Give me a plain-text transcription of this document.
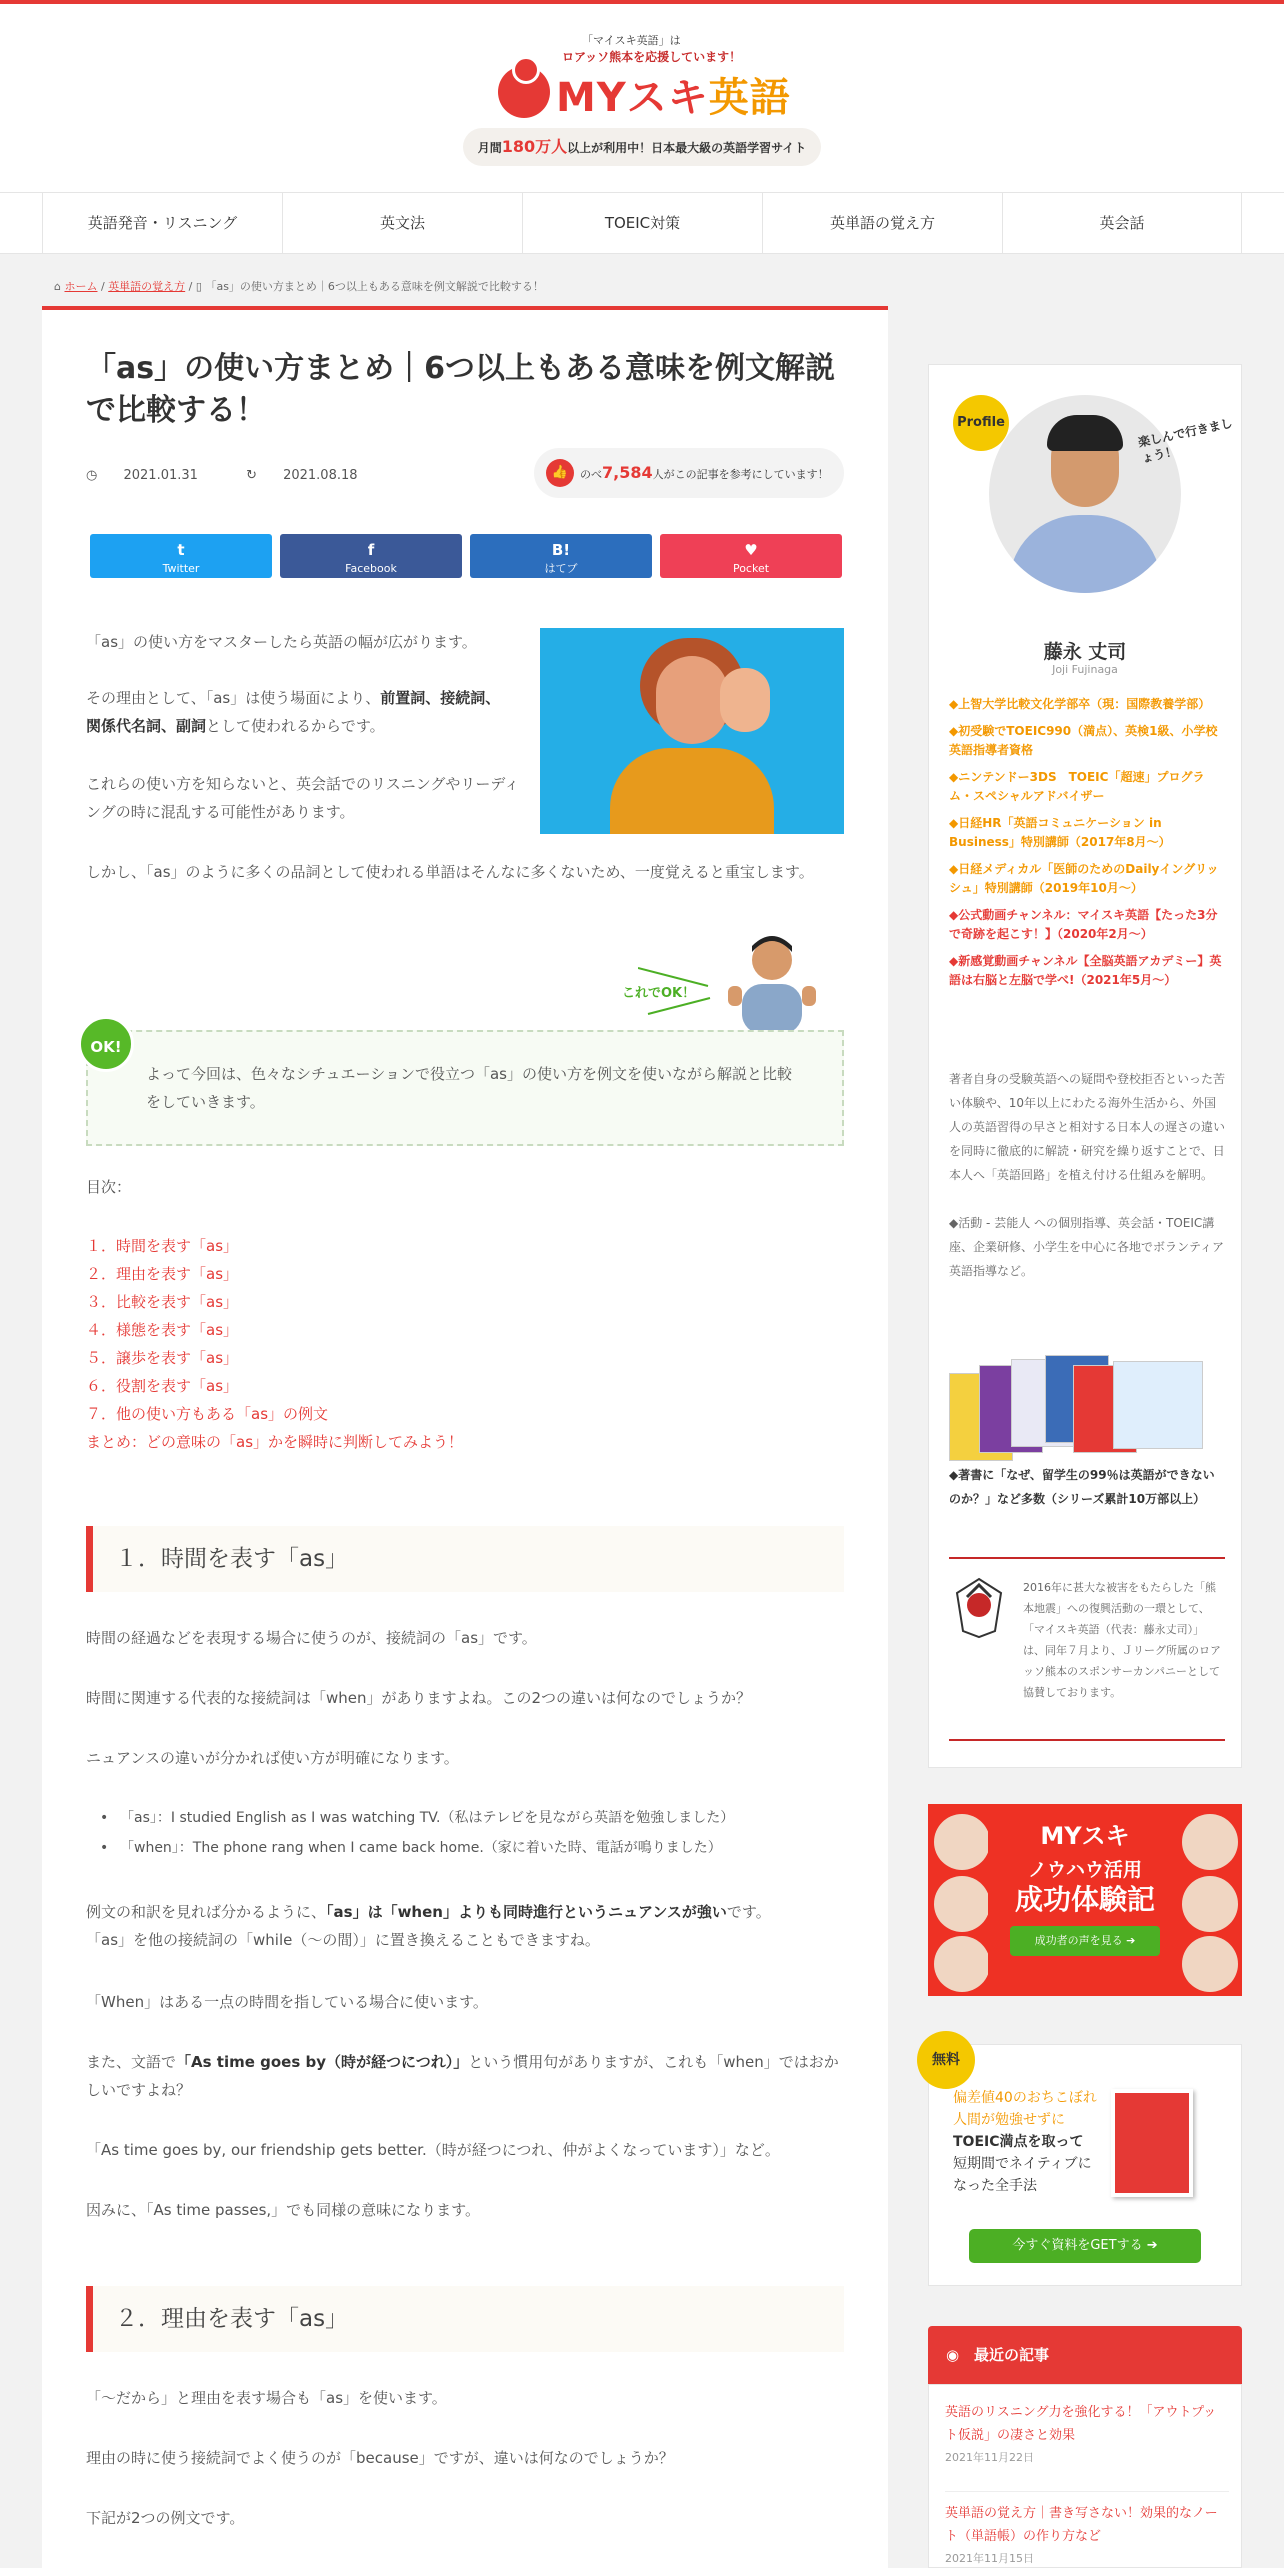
「マイスキ英語」は
ロアッソ熊本を応援しています！
MYスキ英語
月間180万人以上が利用中！日本最大級の英語学習サイト
英語発音・リスニング	英文法	TOEIC対策	英単語の覚え方	英会話
⌂ ホーム / 英単語の覚え方 / ▯ 「as」の使い方まとめ｜6つ以上もある意味を例文解説で比較する！
「as」の使い方まとめ｜6つ以上もある意味を例文解説で比較する！
◷ 2021.01.31	↻ 2021.08.18	👍	のべ7,584人がこの記事を参考にしています！
t
Twitter
f
Facebook
B!
はてブ
♥
Pocket
「as」の使い方をマスターしたら英語の幅が広がります。
その理由として、「as」は使う場面により、前置詞、接続詞、関係代名詞、副詞として使われるからです。
これらの使い方を知らないと、英会話でのリスニングやリーディングの時に混乱する可能性があります。
しかし、「as」のように多くの品詞として使われる単語はそんなに多くないため、一度覚えると重宝します。
これでOK！
OK!
よって今回は、色々なシチュエーションで役立つ「as」の使い方を例文を使いながら解説と比較をしていきます。
目次：
１．時間を表す「as」
２．理由を表す「as」
３．比較を表す「as」
４．様態を表す「as」
５．譲歩を表す「as」
６．役割を表す「as」
７．他の使い方もある「as」の例文
まとめ：どの意味の「as」かを瞬時に判断してみよう！
１．時間を表す「as」
時間の経過などを表現する場合に使うのが、接続詞の「as」です。
時間に関連する代表的な接続詞は「when」がありますよね。この2つの違いは何なのでしょうか？
ニュアンスの違いが分かれば使い方が明確になります。
• 「as」：I studied English as I was watching TV.（私はテレビを見ながら英語を勉強しました）
• 「when」：The phone rang when I came back home.（家に着いた時、電話が鳴りました）
例文の和訳を見れば分かるように、「as」は「when」よりも同時進行というニュアンスが強いです。
「as」を他の接続詞の「while（～の間）」に置き換えることもできますね。
「When」はある一点の時間を指している場合に使います。
また、文語で「As time goes by（時が経つにつれ）」という慣用句がありますが、これも「when」ではおかしいですよね？
「As time goes by, our friendship gets better.（時が経つにつれ、仲がよくなっています）」など。
因みに、「As time passes,」でも同様の意味になります。
２．理由を表す「as」
「～だから」と理由を表す場合も「as」を使います。
理由の時に使う接続詞でよく使うのが「because」ですが、違いは何なのでしょうか？
下記が2つの例文です。
Profile	楽しんで行きましょう！
藤永 丈司
Joji Fujinaga
◆上智大学比較文化学部卒（現：国際教養学部）
◆初受験でTOEIC990（満点）、英検1級、小学校英語指導者資格
◆ニンテンドー3DS　TOEIC「超速」プログラム・スペシャルアドバイザー
◆日経HR「英語コミュニケーション in Business」特別講師（2017年8月～）
◆日経メディカル「医師のためのDailyイングリッシュ」特別講師（2019年10月～）
◆公式動画チャンネル：マイスキ英語【たった3分で奇跡を起こす！】（2020年2月～）
◆新感覚動画チャンネル【全脳英語アカデミー】英語は右脳と左脳で学べ!（2021年5月～）
著者自身の受験英語への疑問や登校拒否といった苦い体験や、10年以上にわたる海外生活から、外国人の英語習得の早さと相対する日本人の遅さの違いを同時に徹底的に解読・研究を繰り返すことで、日本人へ「英語回路」を植え付ける仕組みを解明。
◆活動 - 芸能人 への個別指導、英会話・TOEIC講座、企業研修、小学生を中心に各地でボランティア英語指導など。
◆著書に「なぜ、留学生の99％は英語ができないのか？」など多数（シリーズ累計10万部以上）
2016年に甚大な被害をもたらした「熊本地震」への復興活動の一環として、「マイスキ英語（代表：藤永丈司）」は、同年７月より、Ｊリーグ所属のロアッソ熊本のスポンサーカンパニーとして協賛しております。
MYスキ
ノウハウ活用
成功体験記
成功者の声を見る ➔
無料
偏差値40のおちこぼれ人間が勉強せずに
TOEIC満点を取って
短期間でネイティブになった全手法
今すぐ資料をGETする ➔
◉ 最近の記事
英語のリスニング力を強化する！「アウトプット仮説」の凄さと効果
2021年11月22日
英単語の覚え方｜書き写さない！効果的なノート（単語帳）の作り方など
2021年11月15日
